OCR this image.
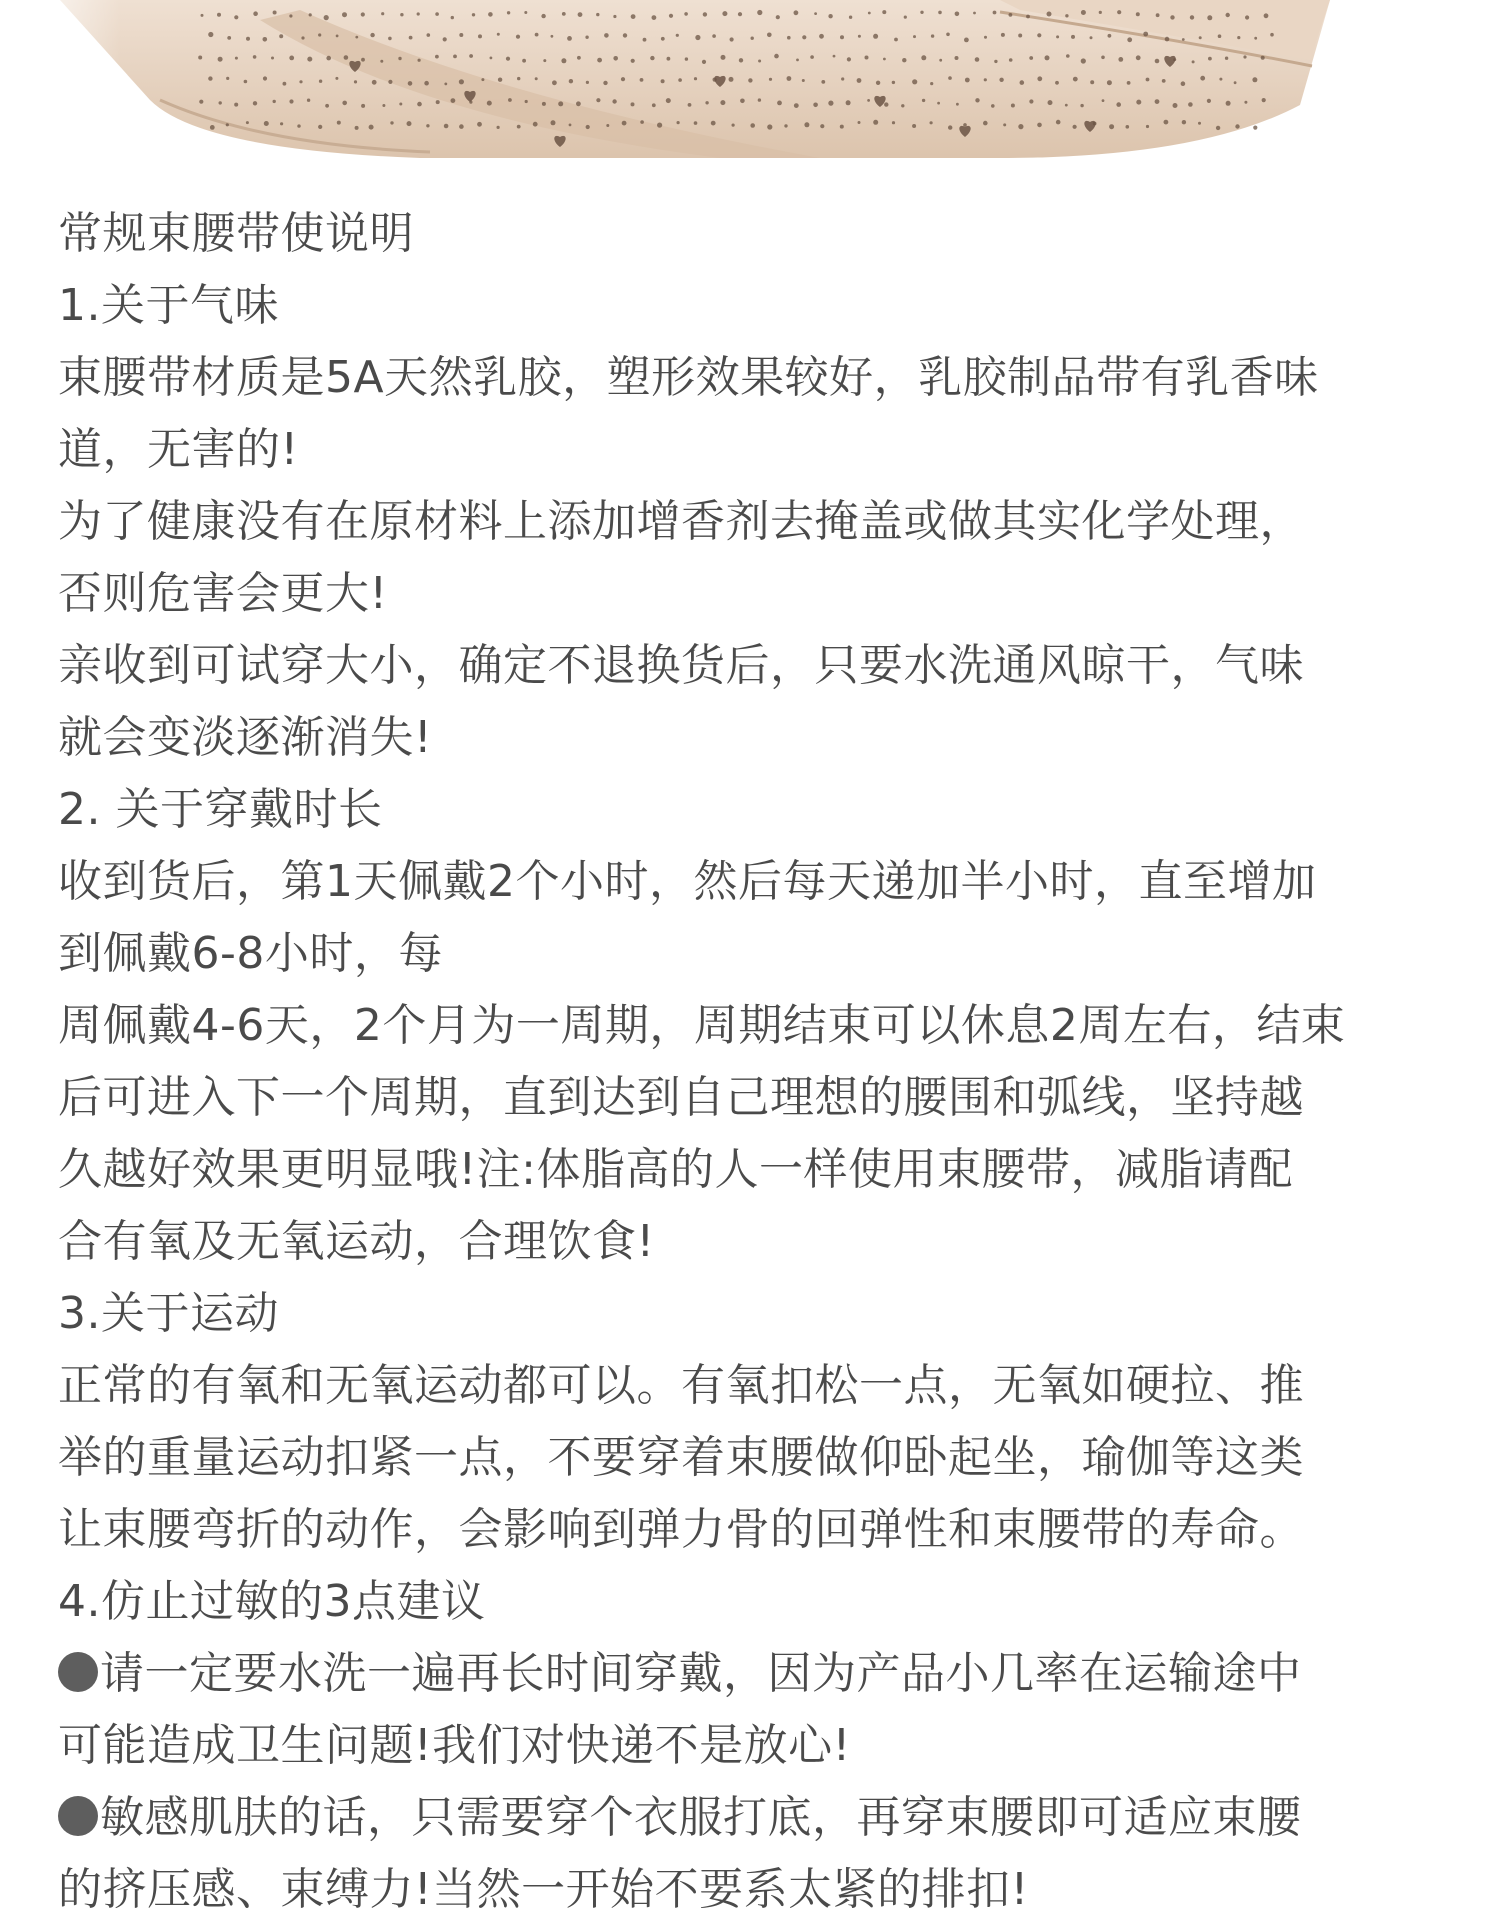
常规束腰带使说明
1.关于气味
束腰带材质是5A天然乳胶，塑形效果较好，乳胶制品带有乳香味
道，无害的!
为了健康没有在原材料上添加增香剂去掩盖或做其实化学处理，
否则危害会更大!
亲收到可试穿大小，确定不退换货后，只要水洗通风晾干，气味
就会变淡逐渐消失!
2. 关于穿戴时长
收到货后，第1天佩戴2个小时，然后每天递加半小时，直至增加
到佩戴6-8小时，每
周佩戴4-6天，2个月为一周期，周期结束可以休息2周左右，结束
后可进入下一个周期，直到达到自己理想的腰围和弧线，坚持越
久越好效果更明显哦!注:体脂高的人一样使用束腰带，减脂请配
合有氧及无氧运动，合理饮食!
3.关于运动
正常的有氧和无氧运动都可以。有氧扣松一点，无氧如硬拉、推
举的重量运动扣紧一点，不要穿着束腰做仰卧起坐，瑜伽等这类
让束腰弯折的动作，会影响到弹力骨的回弹性和束腰带的寿命。
4.仿止过敏的3点建议
请一定要水洗一遍再长时间穿戴，因为产品小几率在运输途中
可能造成卫生问题!我们对快递不是放心!
敏感肌肤的话，只需要穿个衣服打底，再穿束腰即可适应束腰
的挤压感、束缚力!当然一开始不要系太紧的排扣!
